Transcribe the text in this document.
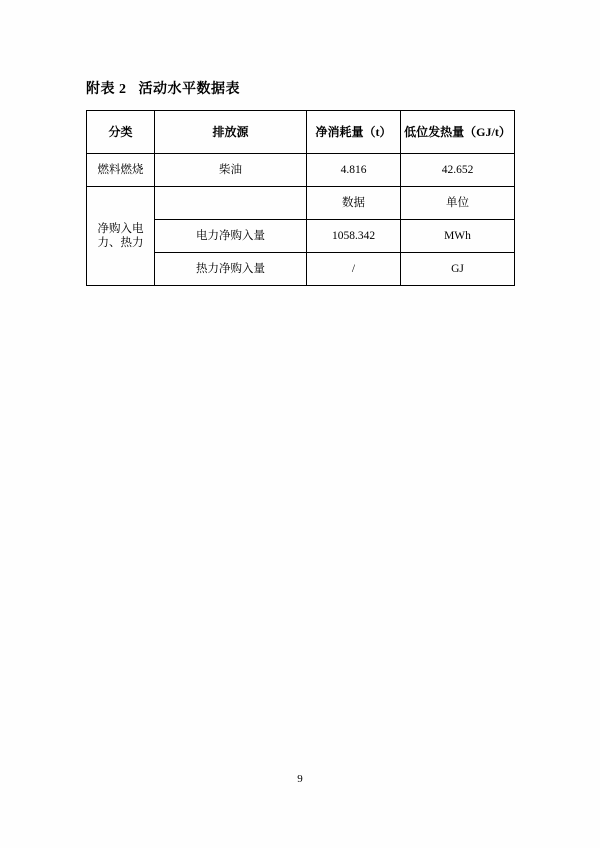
附表 2 活动水平数据表
分类	排放源	净消耗量（t）	低位发热量（GJ/t）
燃料燃烧	柴油	4.816	42.652
净购入电力、热力		数据	单位
	电力净购入量	1058.342	MWh
	热力净购入量	/	GJ
9
